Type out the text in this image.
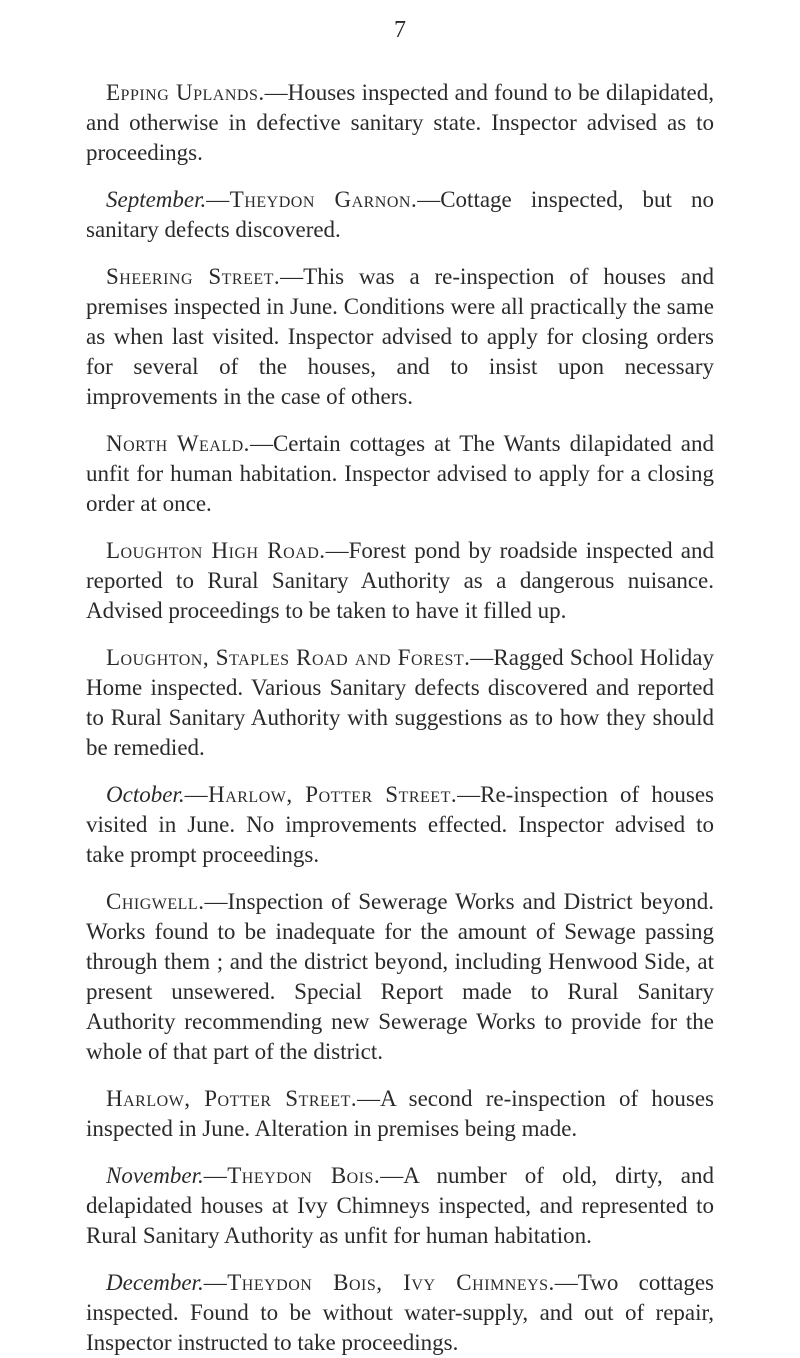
7

Epping Uplands.—Houses inspected and found to be dilapidated, and otherwise in defective sanitary state. Inspector advised as to proceedings.

September.—Theydon Garnon.—Cottage inspected, but no sanitary defects discovered.

Sheering Street.—This was a re-inspection of houses and premises inspected in June. Conditions were all practically the same as when last visited. Inspector advised to apply for closing orders for several of the houses, and to insist upon necessary improvements in the case of others.

North Weald.—Certain cottages at The Wants dilapidated and unfit for human habitation. Inspector advised to apply for a closing order at once.

Loughton High Road.—Forest pond by roadside inspected and reported to Rural Sanitary Authority as a dangerous nuisance. Advised proceedings to be taken to have it filled up.

Loughton, Staples Road and Forest.—Ragged School Holiday Home inspected. Various Sanitary defects discovered and reported to Rural Sanitary Authority with suggestions as to how they should be remedied.

October.—Harlow, Potter Street.—Re-inspection of houses visited in June. No improvements effected. Inspector advised to take prompt proceedings.

Chigwell.—Inspection of Sewerage Works and District beyond. Works found to be inadequate for the amount of Sewage passing through them ; and the district beyond, including Henwood Side, at present unsewered. Special Report made to Rural Sanitary Authority recommending new Sewerage Works to provide for the whole of that part of the district.

Harlow, Potter Street.—A second re-inspection of houses inspected in June. Alteration in premises being made.

November.—Theydon Bois.—A number of old, dirty, and delapidated houses at Ivy Chimneys inspected, and represented to Rural Sanitary Authority as unfit for human habitation.

December.—Theydon Bois, Ivy Chimneys.—Two cottages inspected. Found to be without water-supply, and out of repair, Inspector instructed to take proceedings.
